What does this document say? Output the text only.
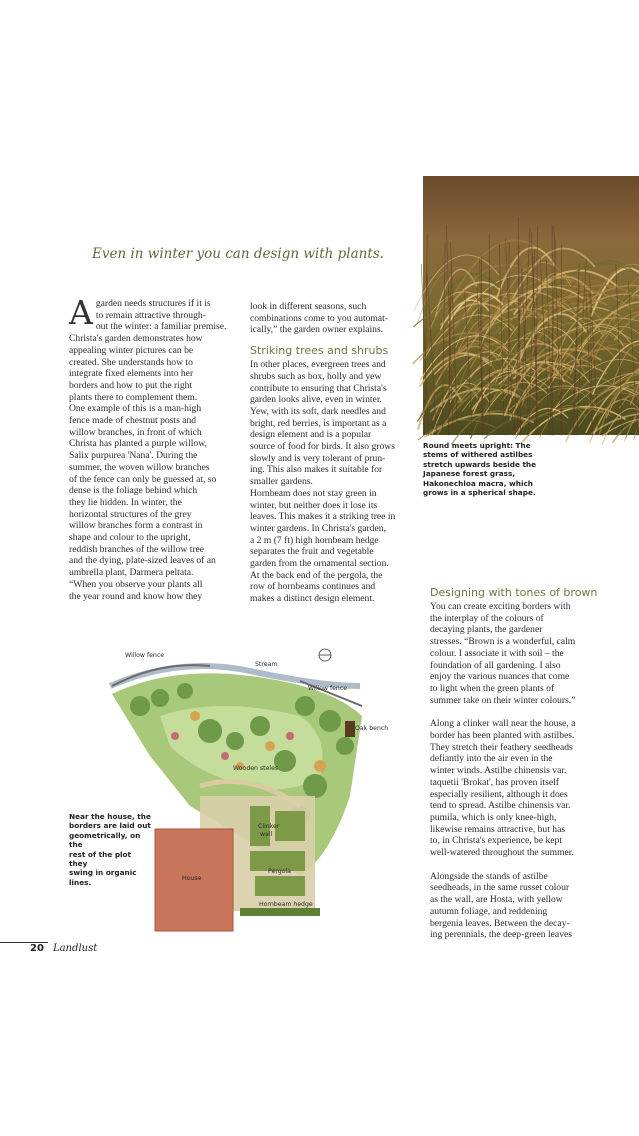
Even in winter you can design with plants.
A garden needs structures if it is
to remain attractive through-
out the winter: a familiar premise.
Christa's garden demonstrates how
appealing winter pictures can be
created. She understands how to
integrate fixed elements into her
borders and how to put the right
plants there to complement them.
One example of this is a man-high
fence made of chestnut posts and
willow branches, in front of which
Christa has planted a purple willow,
Salix purpurea 'Nana'. During the
summer, the woven willow branches
of the fence can only be guessed at, so
dense is the foliage behind which
they lie hidden. In winter, the
horizontal structures of the grey
willow branches form a contrast in
shape and colour to the upright,
reddish branches of the willow tree
and the dying, plate-sized leaves of an
umbrella plant, Darmera peltata.
“When you observe your plants all
the year round and know how they
look in different seasons, such
combinations come to you automat-
ically,” the garden owner explains.
Striking trees and shrubs
In other places, evergreen trees and
shrubs such as box, holly and yew
contribute to ensuring that Christa's
garden looks alive, even in winter.
Yew, with its soft, dark needles and
bright, red berries, is important as a
design element and is a popular
source of food for birds. It also grows
slowly and is very tolerant of prun-
ing. This also makes it suitable for
smaller gardens.
Hornbeam does not stay green in
winter, but neither does it lose its
leaves. This makes it a striking tree in
winter gardens. In Christa's garden,
a 2 m (7 ft) high hornbeam hedge
separates the fruit and vegetable
garden from the ornamental section.
At the back end of the pergola, the
row of hornbeams continues and
makes a distinct design element.
Round meets upright: The
stems of withered astilbes
stretch upwards beside the
Japanese forest grass,
Hakonechloa macra, which
grows in a spherical shape.
Designing with tones of brown
You can create exciting borders with
the interplay of the colours of
decaying plants, the gardener
stresses. “Brown is a wonderful, calm
colour. I associate it with soil – the
foundation of all gardening. I also
enjoy the various nuances that come
to light when the green plants of
summer take on their winter colours.”
Along a clinker wall near the house, a
border has been planted with astilbes.
They stretch their feathery seedheads
defiantly into the air even in the
winter winds. Astilbe chinensis var.
taquetii 'Brokat', has proven itself
especially resilient, although it does
tend to spread. Astilbe chinensis var.
pumila, which is only knee-high,
likewise remains attractive, but has
to, in Christa's experience, be kept
well-watered throughout the summer.
Alongside the stands of astilbe
seedheads, in the same russet colour
as the wall, are Hosta, with yellow
autumn foliage, and reddening
bergenia leaves. Between the decay-
ing perennials, the deep-green leaves
Willow fence
Stream
Willow fence
Oak bench
Wooden steles
Clinker
wall
Pergola
House
Hornbeam hedge
Near the house, the
borders are laid out
geometrically, on the
rest of the plot they
swing in organic lines.
20 Landlust
